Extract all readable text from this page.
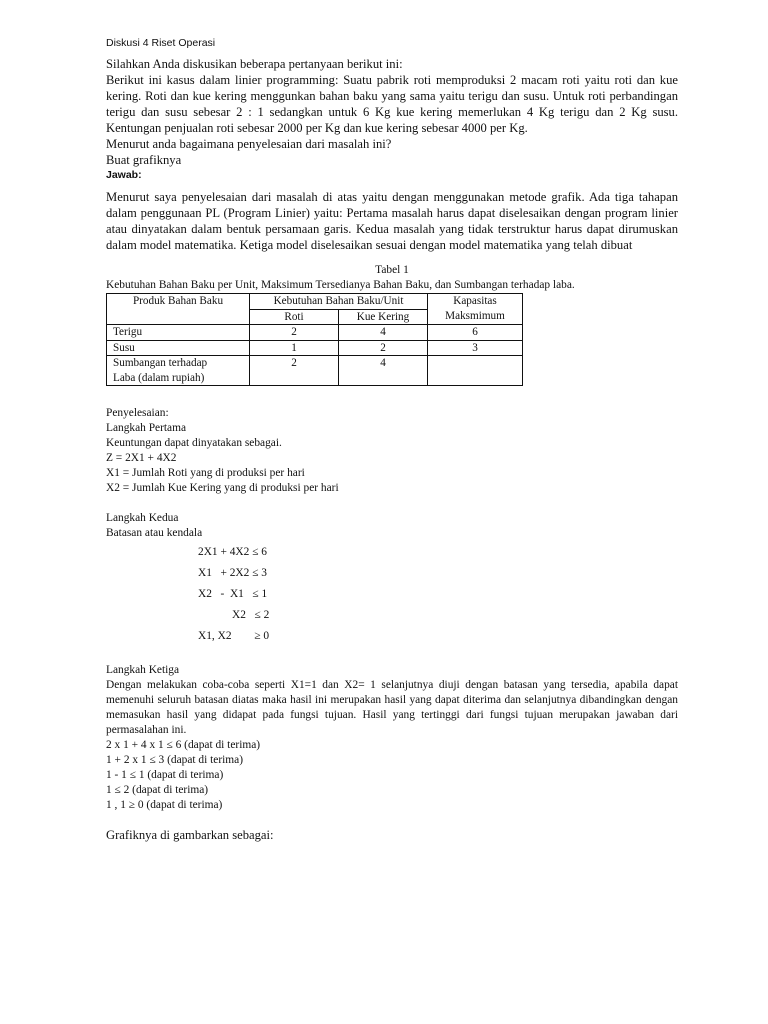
Diskusi 4 Riset Operasi

Silahkan Anda diskusikan beberapa pertanyaan berikut ini:

Berikut ini kasus dalam linier programming: Suatu pabrik roti memproduksi 2 macam roti yaitu roti dan kue kering. Roti dan kue kering menggunkan bahan baku yang sama yaitu terigu dan susu. Untuk roti perbandingan terigu dan susu sebesar 2 : 1 sedangkan untuk 6 Kg kue kering memerlukan 4 Kg terigu dan 2 Kg susu. Kentungan penjualan roti sebesar 2000 per Kg dan kue kering sebesar 4000 per Kg.

Menurut anda bagaimana penyelesaian dari masalah ini?

Buat grafiknya

Jawab:

Menurut saya penyelesaian dari masalah di atas yaitu dengan menggunakan metode grafik. Ada tiga tahapan dalam penggunaan PL (Program Linier) yaitu: Pertama masalah harus dapat diselesaikan dengan program linier atau dinyatakan dalam bentuk persamaan garis. Kedua masalah yang tidak terstruktur harus dapat dirumuskan dalam model matematika. Ketiga model diselesaikan sesuai dengan model matematika yang telah dibuat

Tabel 1

Kebutuhan Bahan Baku per Unit, Maksimum Tersedianya Bahan Baku, dan Sumbangan terhadap laba.

Produk Bahan Baku	Kebutuhan Bahan Baku/Unit		Kapasitas
Maksmimum
	Roti	Kue Kering	
Terigu	2	4	6
Susu	1	2	3
Sumbangan terhadap
Laba (dalam rupiah)	2	4	

Penyelesaian:

Langkah Pertama

Keuntungan dapat dinyatakan sebagai.

Z = 2X1 + 4X2

X1 = Jumlah Roti yang di produksi per hari

X2 = Jumlah Kue Kering yang di produksi per hari

Langkah Kedua

Batasan atau kendala

2X1 + 4X2 ≤ 6

X1   + 2X2 ≤ 3

X2   -  X1   ≤ 1

X2   ≤ 2

X1, X2        ≥ 0

Langkah Ketiga

Dengan melakukan coba-coba seperti X1=1 dan X2= 1 selanjutnya diuji dengan batasan yang tersedia, apabila dapat memenuhi seluruh batasan diatas maka hasil ini merupakan hasil yang dapat diterima dan selanjutnya dibandingkan dengan memasukan hasil yang didapat pada fungsi tujuan. Hasil yang tertinggi dari fungsi tujuan merupakan jawaban dari permasalahan ini.

2 x 1 + 4 x 1 ≤ 6 (dapat di terima)

1 + 2 x 1 ≤ 3 (dapat di terima)

1 - 1 ≤ 1 (dapat di terima)

1 ≤ 2 (dapat di terima)

1 , 1 ≥ 0 (dapat di terima)

Grafiknya di gambarkan sebagai:
